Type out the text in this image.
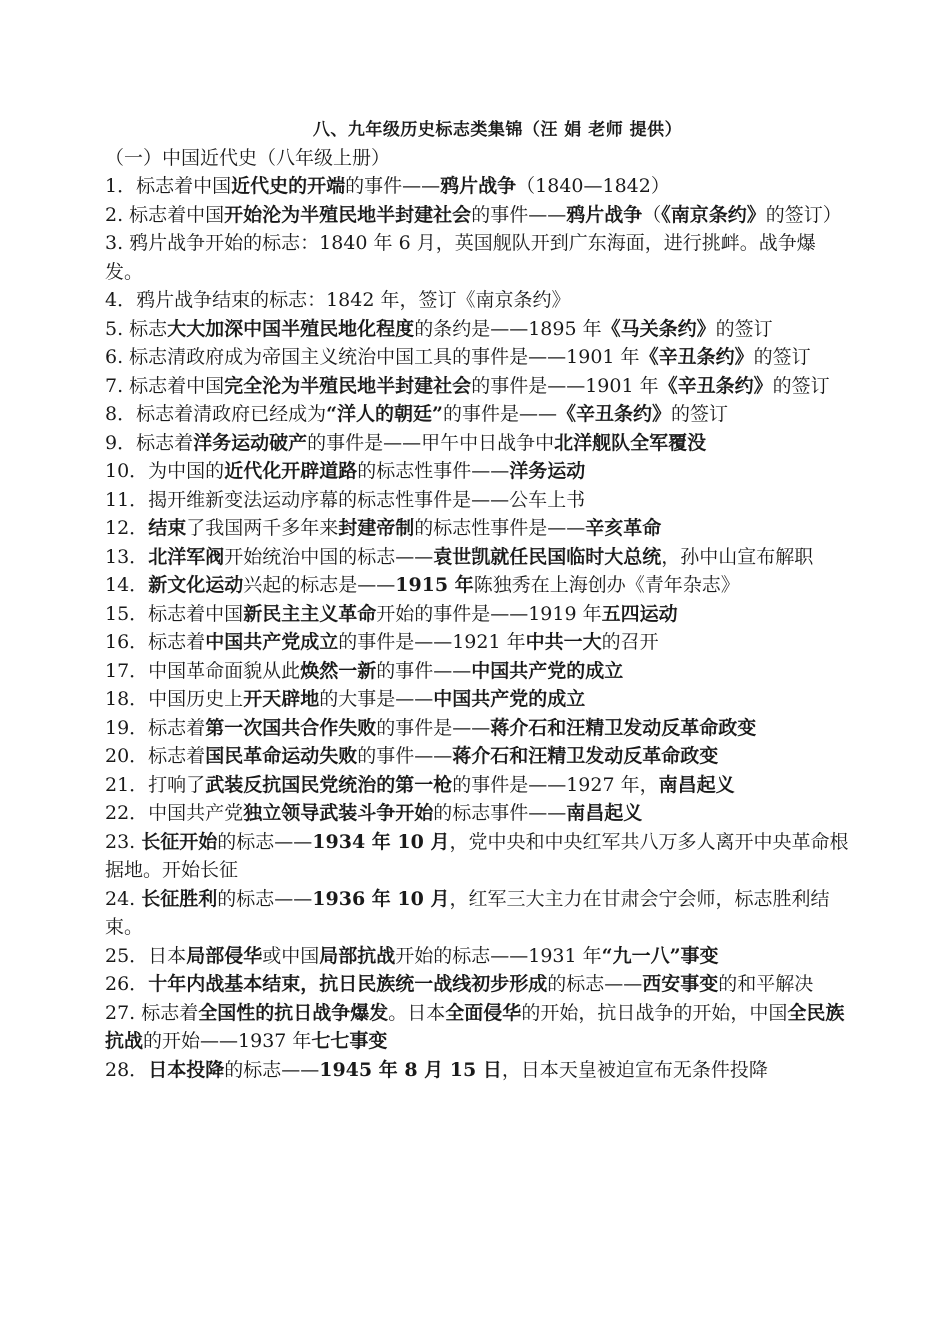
八、九年级历史标志类集锦（汪 娟 老师 提供）

（一）中国近代史（八年级上册）

1．标志着中国近代史的开端的事件——鸦片战争（1840—1842）

2. 标志着中国开始沦为半殖民地半封建社会的事件——鸦片战争（《南京条约》的签订）

3. 鸦片战争开始的标志：1840 年 6 月，英国舰队开到广东海面，进行挑衅。战争爆发。

4．鸦片战争结束的标志：1842 年，签订《南京条约》

5. 标志大大加深中国半殖民地化程度的条约是——1895 年《马关条约》的签订

6. 标志清政府成为帝国主义统治中国工具的事件是——1901 年《辛丑条约》的签订

7. 标志着中国完全沦为半殖民地半封建社会的事件是——1901 年《辛丑条约》的签订

8．标志着清政府已经成为“洋人的朝廷”的事件是——《辛丑条约》的签订

9．标志着洋务运动破产的事件是——甲午中日战争中北洋舰队全军覆没

10．为中国的近代化开辟道路的标志性事件——洋务运动

11．揭开维新变法运动序幕的标志性事件是——公车上书

12．结束了我国两千多年来封建帝制的标志性事件是——辛亥革命

13．北洋军阀开始统治中国的标志——袁世凯就任民国临时大总统，孙中山宣布解职

14．新文化运动兴起的标志是——1915 年陈独秀在上海创办《青年杂志》

15．标志着中国新民主主义革命开始的事件是——1919 年五四运动

16．标志着中国共产党成立的事件是——1921 年中共一大的召开

17．中国革命面貌从此焕然一新的事件——中国共产党的成立

18．中国历史上开天辟地的大事是——中国共产党的成立

19．标志着第一次国共合作失败的事件是——蒋介石和汪精卫发动反革命政变

20．标志着国民革命运动失败的事件——蒋介石和汪精卫发动反革命政变

21．打响了武装反抗国民党统治的第一枪的事件是——1927 年，南昌起义

22．中国共产党独立领导武装斗争开始的标志事件——南昌起义

23. 长征开始的标志——1934 年 10 月，党中央和中央红军共八万多人离开中央革命根据地。开始长征

24. 长征胜利的标志——1936 年 10 月，红军三大主力在甘肃会宁会师，标志胜利结束。

25．日本局部侵华或中国局部抗战开始的标志——1931 年“九一八”事变

26．十年内战基本结束，抗日民族统一战线初步形成的标志——西安事变的和平解决

27. 标志着全国性的抗日战争爆发。日本全面侵华的开始，抗日战争的开始，中国全民族抗战的开始——1937 年七七事变

28．日本投降的标志——1945 年 8 月 15 日，日本天皇被迫宣布无条件投降
